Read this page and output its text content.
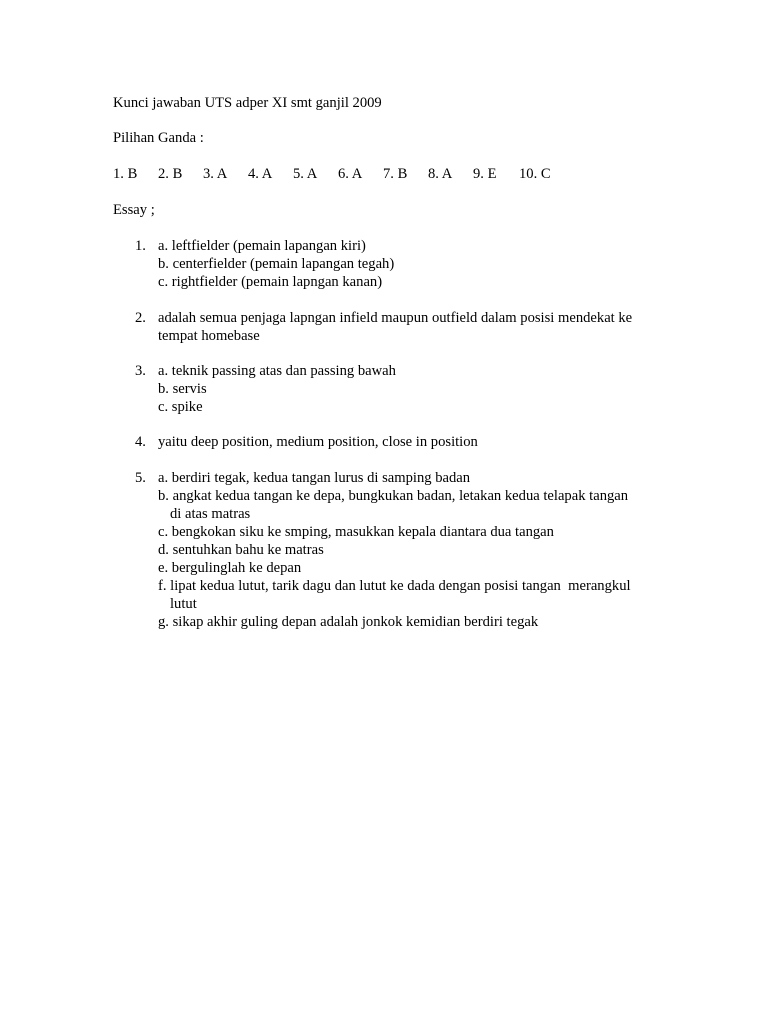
Kunci jawaban UTS adper XI smt ganjil 2009
Pilihan Ganda :
1. B 2. B 3. A 4. A 5. A 6. A 7. B 8. A 9. E 10. C
Essay ;
1. a. leftfielder (pemain lapangan kiri)
b. centerfielder (pemain lapangan tegah)
c. rightfielder (pemain lapngan kanan)
2. adalah semua penjaga lapngan infield maupun outfield dalam posisi mendekat ke
tempat homebase
3. a. teknik passing atas dan passing bawah
b. servis
c. spike
4. yaitu deep position, medium position, close in position
5. a. berdiri tegak, kedua tangan lurus di samping badan
b. angkat kedua tangan ke depa, bungkukan badan, letakan kedua telapak tangan
di atas matras
c. bengkokan siku ke smping, masukkan kepala diantara dua tangan
d. sentuhkan bahu ke matras
e. bergulinglah ke depan
f. lipat kedua lutut, tarik dagu dan lutut ke dada dengan posisi tangan  merangkul
lutut
g. sikap akhir guling depan adalah jonkok kemidian berdiri tegak
